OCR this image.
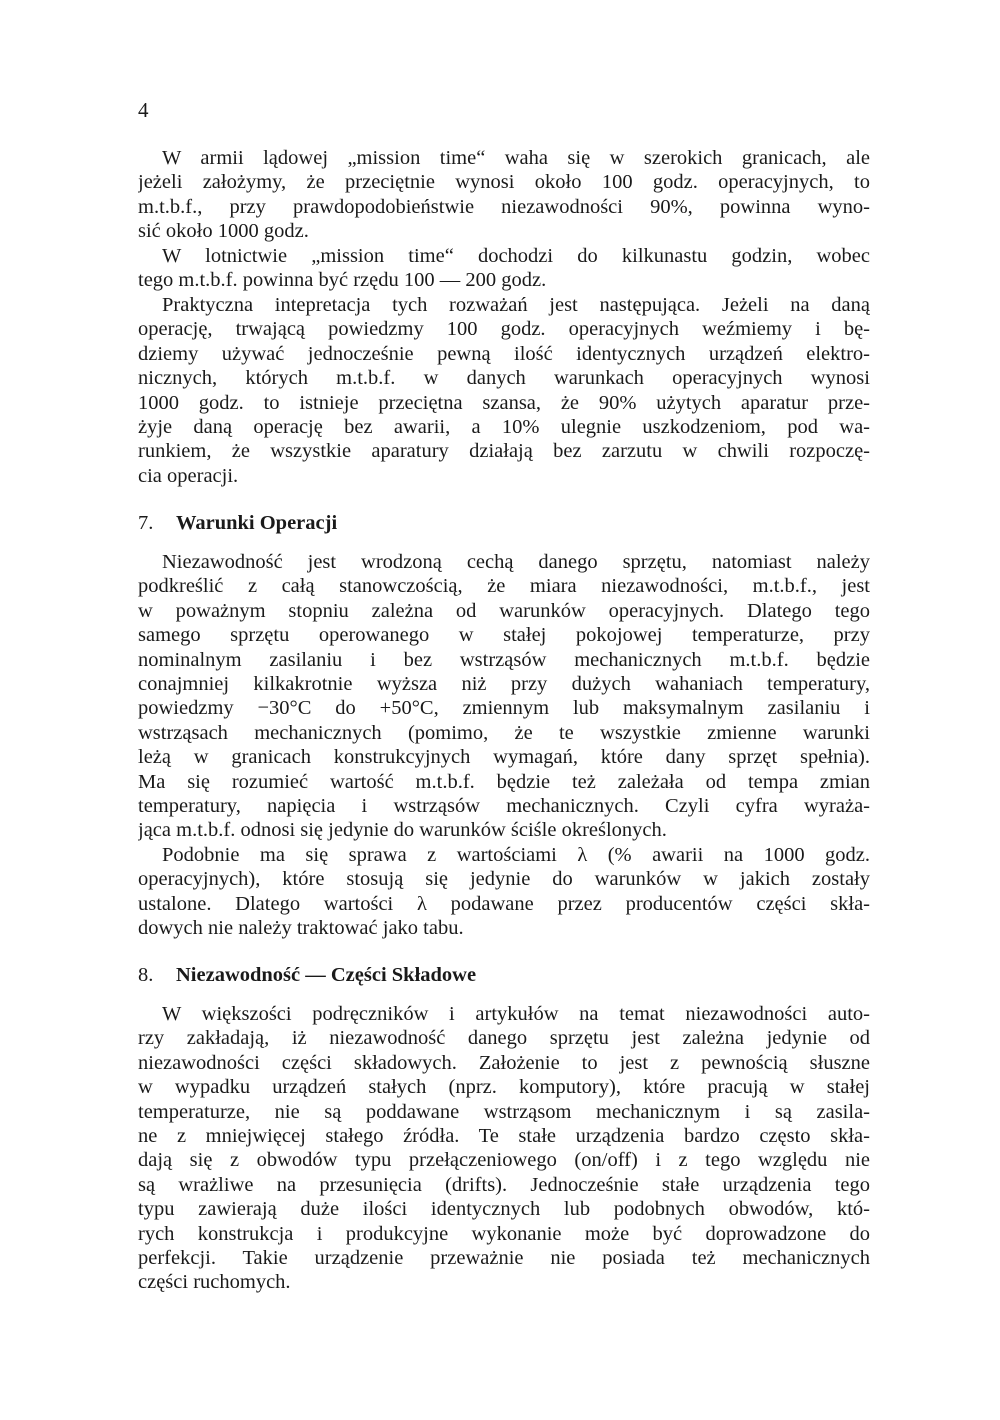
4
W armii lądowej „mission time“ waha się w szerokich granicach, ale
jeżeli założymy, że przeciętnie wynosi około 100 godz. operacyjnych, to
m.t.b.f., przy prawdopodobieństwie niezawodności 90%, powinna wyno-
sić około 1000 godz.
W lotnictwie „mission time“ dochodzi do kilkunastu godzin, wobec
tego m.t.b.f. powinna być rzędu 100 — 200 godz.
Praktyczna intepretacja tych rozważań jest następująca. Jeżeli na daną
operację, trwającą powiedzmy 100 godz. operacyjnych weźmiemy i bę-
dziemy używać jednocześnie pewną ilość identycznych urządzeń elektro-
nicznych, których m.t.b.f. w danych warunkach operacyjnych wynosi
1000 godz. to istnieje przeciętna szansa, że 90% użytych aparatur prze-
żyje daną operację bez awarii, a 10% ulegnie uszkodzeniom, pod wa-
runkiem, że wszystkie aparatury działają bez zarzutu w chwili rozpoczę-
cia operacji.
7. Warunki Operacji
Niezawodność jest wrodzoną cechą danego sprzętu, natomiast należy
podkreślić z całą stanowczością, że miara niezawodności, m.t.b.f., jest
w poważnym stopniu zależna od warunków operacyjnych. Dlatego tego
samego sprzętu operowanego w stałej pokojowej temperaturze, przy
nominalnym zasilaniu i bez wstrząsów mechanicznych m.t.b.f. będzie
conajmniej kilkakrotnie wyższa niż przy dużych wahaniach temperatury,
powiedzmy −30°C do +50°C, zmiennym lub maksymalnym zasilaniu i
wstrząsach mechanicznych (pomimo, że te wszystkie zmienne warunki
leżą w granicach konstrukcyjnych wymagań, które dany sprzęt spełnia).
Ma się rozumieć wartość m.t.b.f. będzie też zależała od tempa zmian
temperatury, napięcia i wstrząsów mechanicznych. Czyli cyfra wyraża-
jąca m.t.b.f. odnosi się jedynie do warunków ściśle określonych.
Podobnie ma się sprawa z wartościami λ (% awarii na 1000 godz.
operacyjnych), które stosują się jedynie do warunków w jakich zostały
ustalone. Dlatego wartości λ podawane przez producentów części skła-
dowych nie należy traktować jako tabu.
8. Niezawodność — Części Składowe
W większości podręczników i artykułów na temat niezawodności auto-
rzy zakładają, iż niezawodność danego sprzętu jest zależna jedynie od
niezawodności części składowych. Założenie to jest z pewnością słuszne
w wypadku urządzeń stałych (nprz. komputory), które pracują w stałej
temperaturze, nie są poddawane wstrząsom mechanicznym i są zasila-
ne z mniejwięcej stałego źródła. Te stałe urządzenia bardzo często skła-
dają się z obwodów typu przełączeniowego (on/off) i z tego względu nie
są wrażliwe na przesunięcia (drifts). Jednocześnie stałe urządzenia tego
typu zawierają duże ilości identycznych lub podobnych obwodów, któ-
rych konstrukcja i produkcyjne wykonanie może być doprowadzone do
perfekcji. Takie urządzenie przeważnie nie posiada też mechanicznych
części ruchomych.
